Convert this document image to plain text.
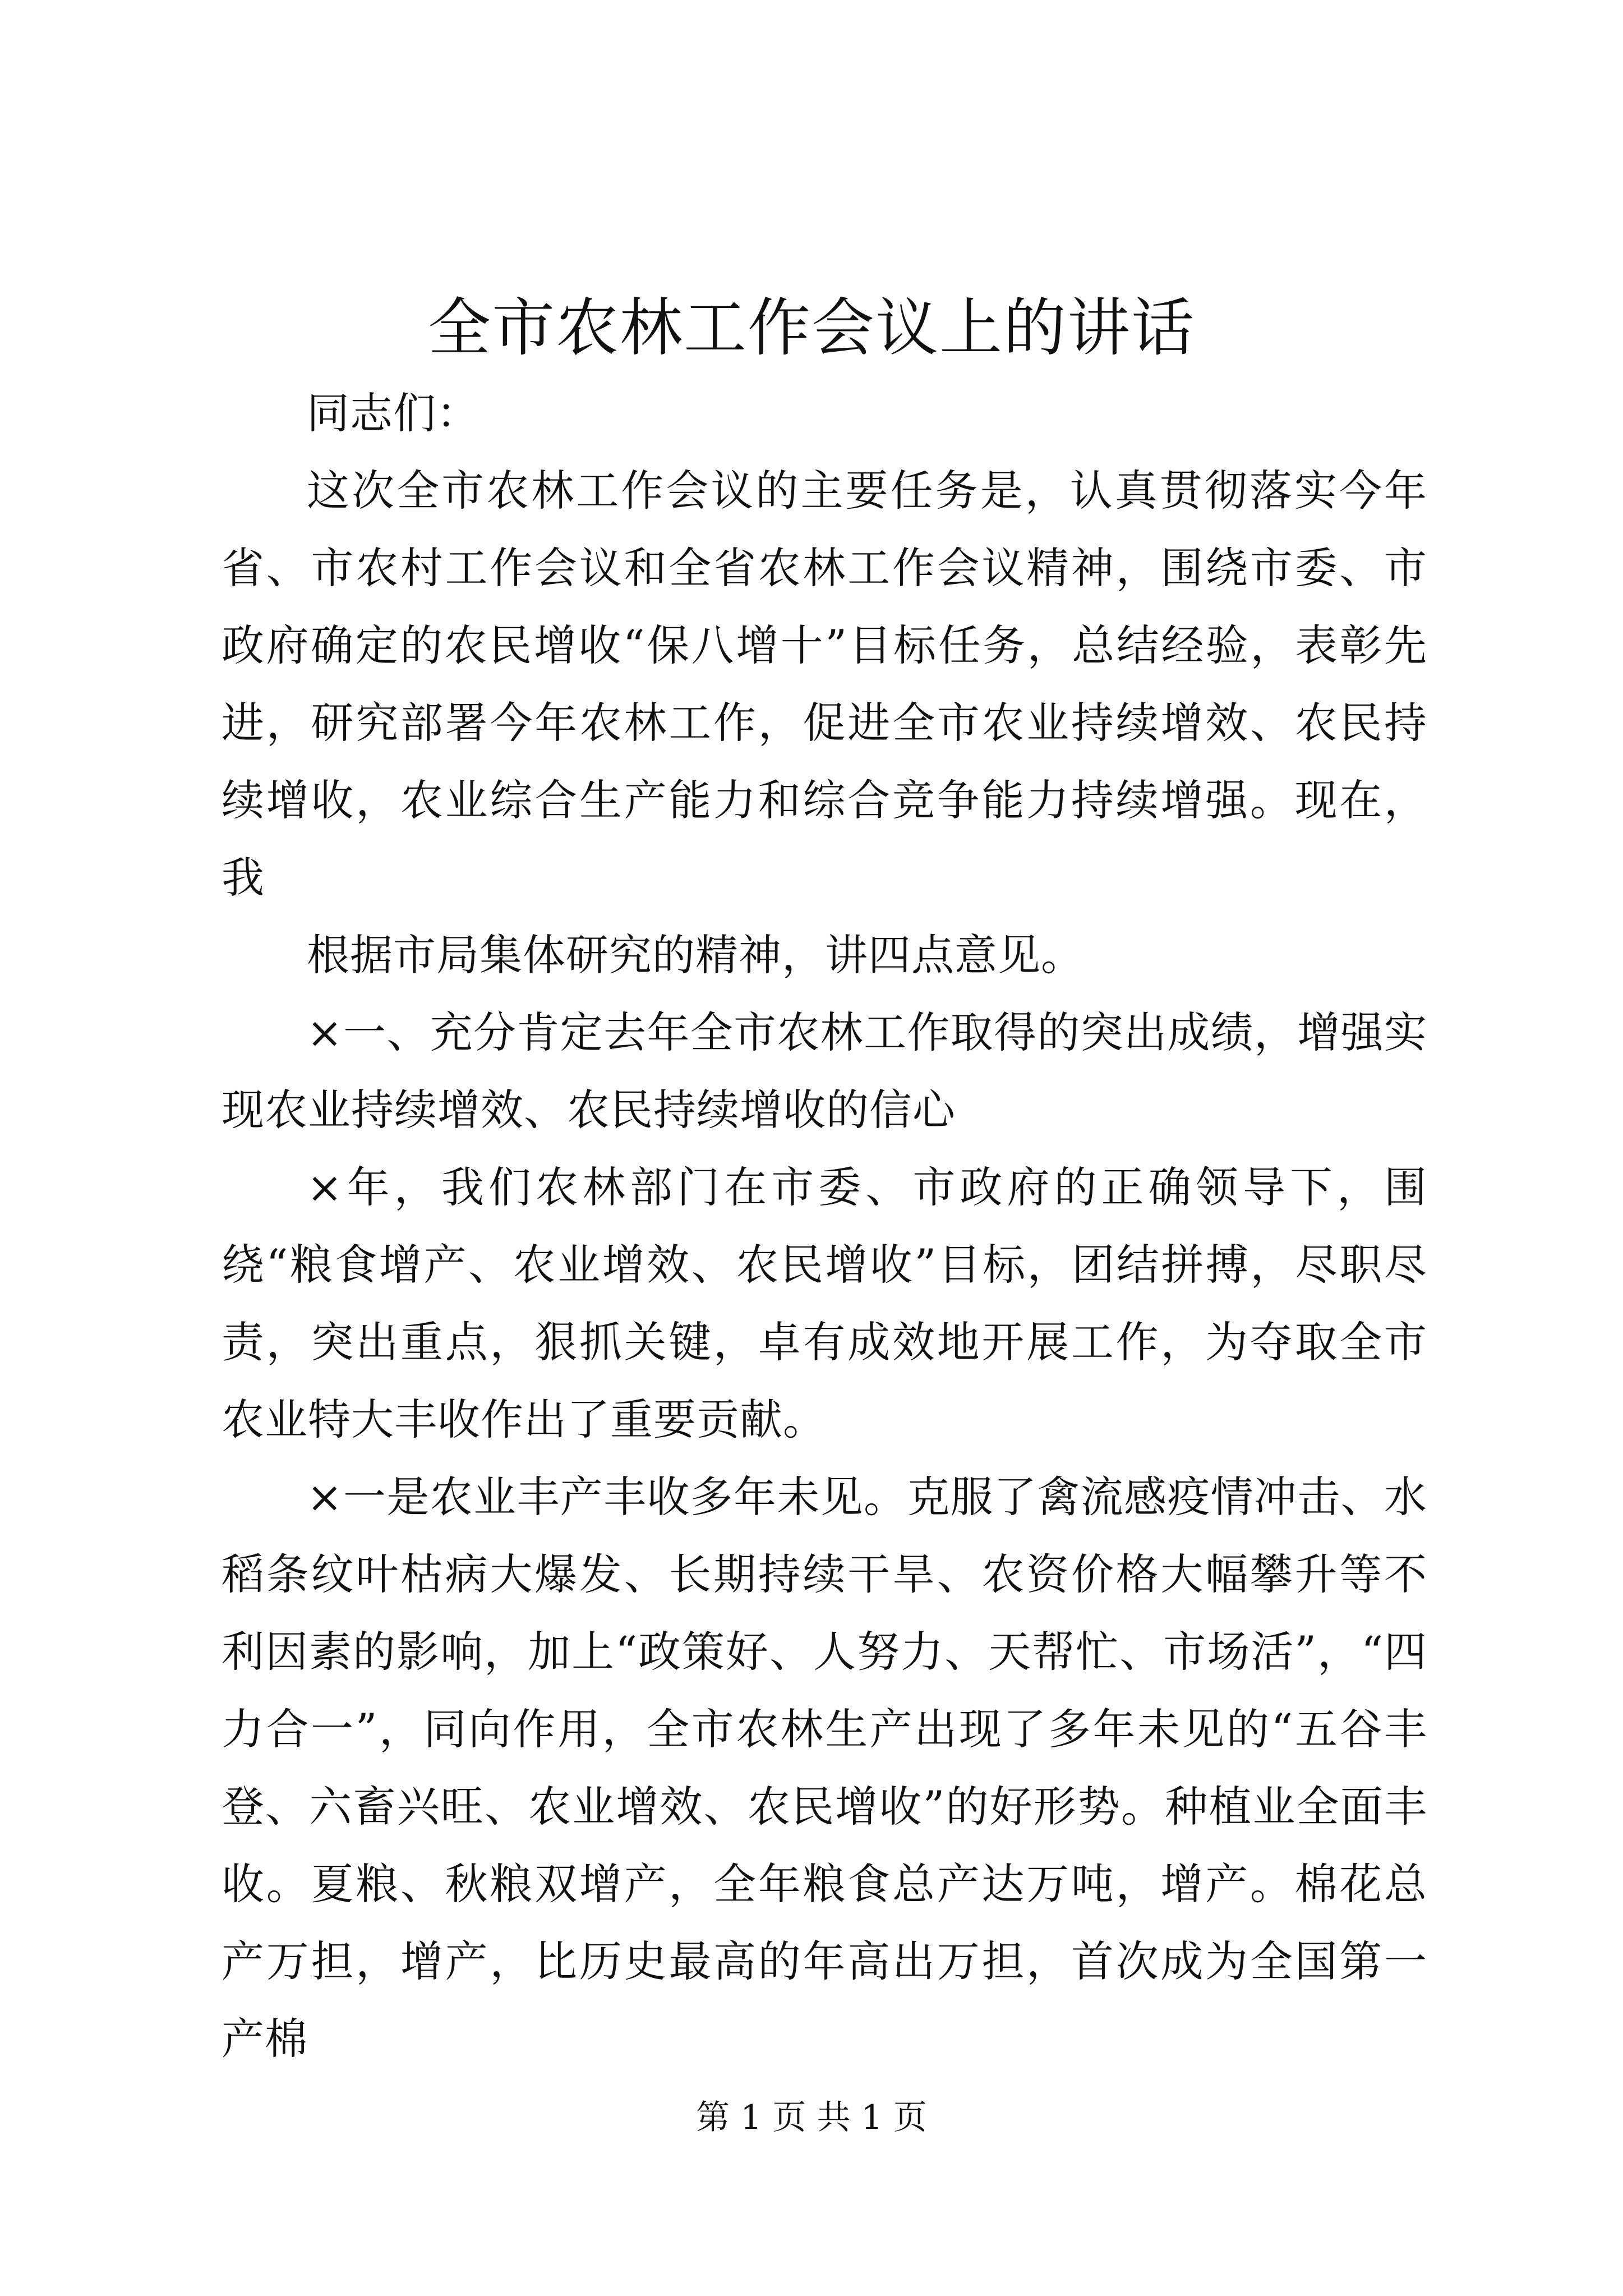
全市农林工作会议上的讲话

同志们：

这次全市农林工作会议的主要任务是，认真贯彻落实今年省、市农村工作会议和全省农林工作会议精神，围绕市委、市政府确定的农民增收“保八增十”目标任务，总结经验，表彰先进，研究部署今年农林工作，促进全市农业持续增效、农民持续增收，农业综合生产能力和综合竞争能力持续增强。现在，我

根据市局集体研究的精神，讲四点意见。

×一、充分肯定去年全市农林工作取得的突出成绩，增强实现农业持续增效、农民持续增收的信心

×年，我们农林部门在市委、市政府的正确领导下，围绕“粮食增产、农业增效、农民增收”目标，团结拼搏，尽职尽责，突出重点，狠抓关键，卓有成效地开展工作，为夺取全市农业特大丰收作出了重要贡献。

×一是农业丰产丰收多年未见。克服了禽流感疫情冲击、水稻条纹叶枯病大爆发、长期持续干旱、农资价格大幅攀升等不利因素的影响，加上“政策好、人努力、天帮忙、市场活”，“四力合一”，同向作用，全市农林生产出现了多年未见的“五谷丰登、六畜兴旺、农业增效、农民增收”的好形势。种植业全面丰收。夏粮、秋粮双增产，全年粮食总产达万吨，增产。棉花总产万担，增产，比历史最高的年高出万担，首次成为全国第一产棉

第 1 页 共 1 页
